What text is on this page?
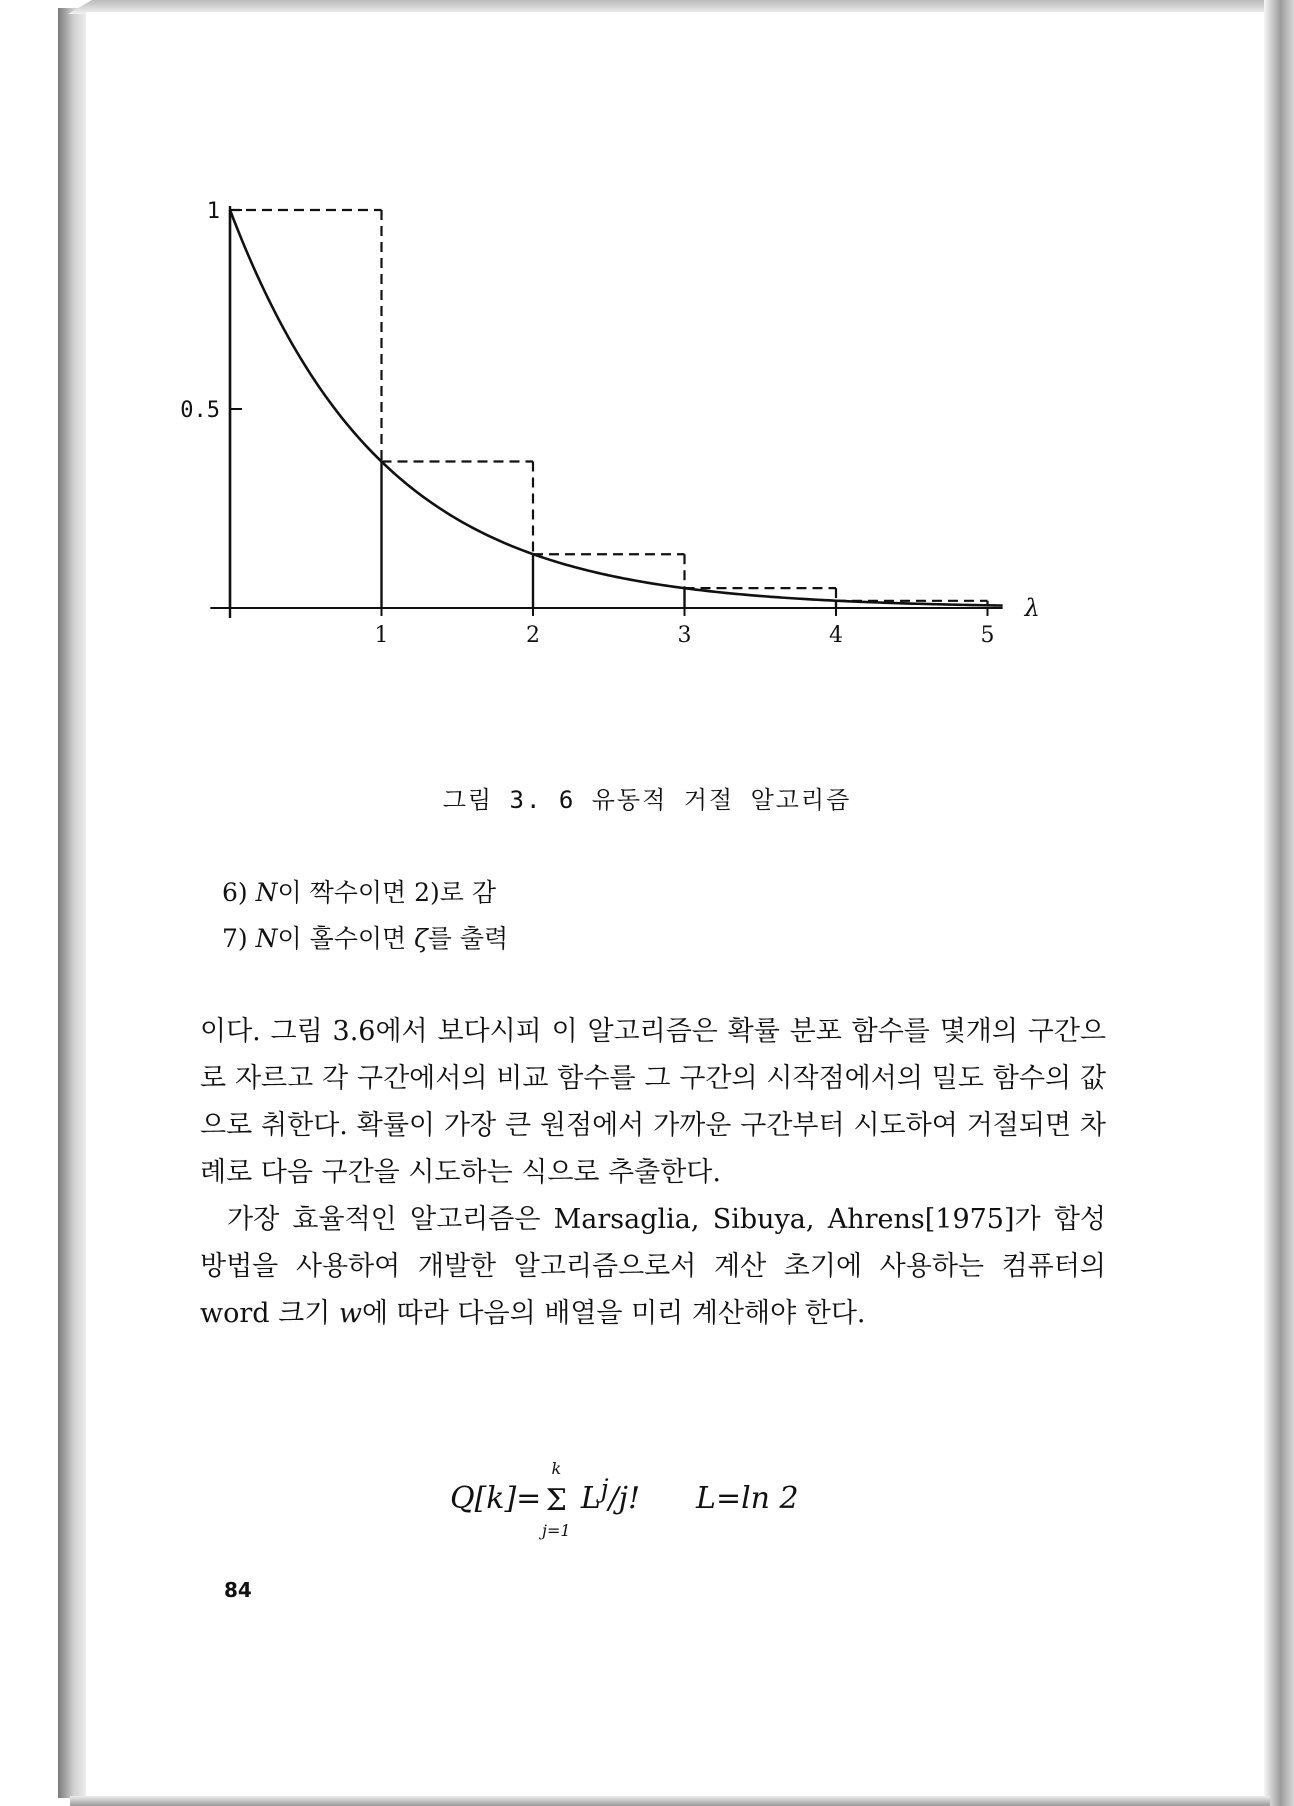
1
0.5
1	2	3	4	5
λ
그림 3. 6 유동적 거절 알고리즘
6) N이 짝수이면 2)로 감
7) N이 홀수이면 ζ를 출력

이다. 그림 3.6에서 보다시피 이 알고리즘은 확률 분포 함수를 몇개의 구간으로 자르고 각 구간에서의 비교 함수를 그 구간의 시작점에서의 밀도 함수의 값으로 취한다. 확률이 가장 큰 원점에서 가까운 구간부터 시도하여 거절되면 차례로 다음 구간을 시도하는 식으로 추출한다.

가장 효율적인 알고리즘은 Marsaglia, Sibuya, Ahrens[1975]가 합성 방법을 사용하여 개발한 알고리즘으로서 계산 초기에 사용하는 컴퓨터의 word 크기 w에 따라 다음의 배열을 미리 계산해야 한다.

Q[k]=
k
Σ
j=1
$L^j/j$! L=ln 2
84
